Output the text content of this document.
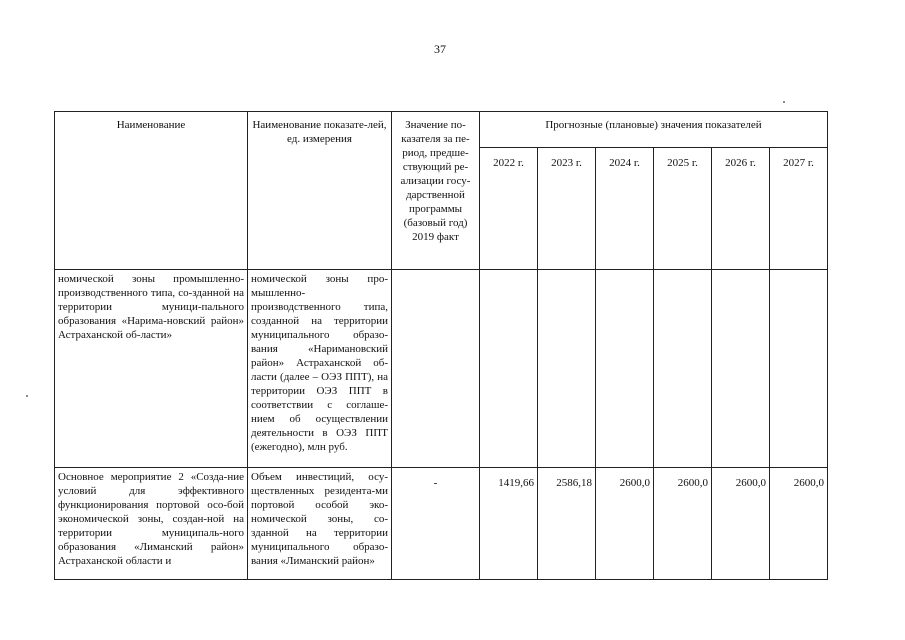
37
Наименование	Наименование показате-лей, ед. измерения	Значение по-казателя за пе-риод, предше-ствующий ре-ализации госу-дарственной программы (базовый год) 2019 факт	Прогнозные (плановые) значения показателей					
			2022 г.	2023 г.	2024 г.	2025 г.	2026 г.	2027 г.
номической зоны промышленно-производственного типа, со-зданной на территории муници-пального образования «Нарима-новский район» Астраханской об-ласти»	номической зоны про-мышленно-производственного типа, созданной на территории муниципального образо-вания «Наримановский район» Астраханской об-ласти (далее – ОЭЗ ППТ), на территории ОЭЗ ППТ в соответствии с соглаше-нием об осуществлении деятельности в ОЭЗ ППТ (ежегодно), млн руб.							
Основное мероприятие 2 «Созда-ние условий для эффективного функционирования портовой осо-бой экономической зоны, создан-ной на территории муниципаль-ного образования «Лиманский район» Астраханской области и	Объем инвестиций, осу-ществленных резидента-ми портовой особой эко-номической зоны, со-зданной на территории муниципального образо-вания «Лиманский район»	-	1419,66	2586,18	2600,0	2600,0	2600,0	2600,0
